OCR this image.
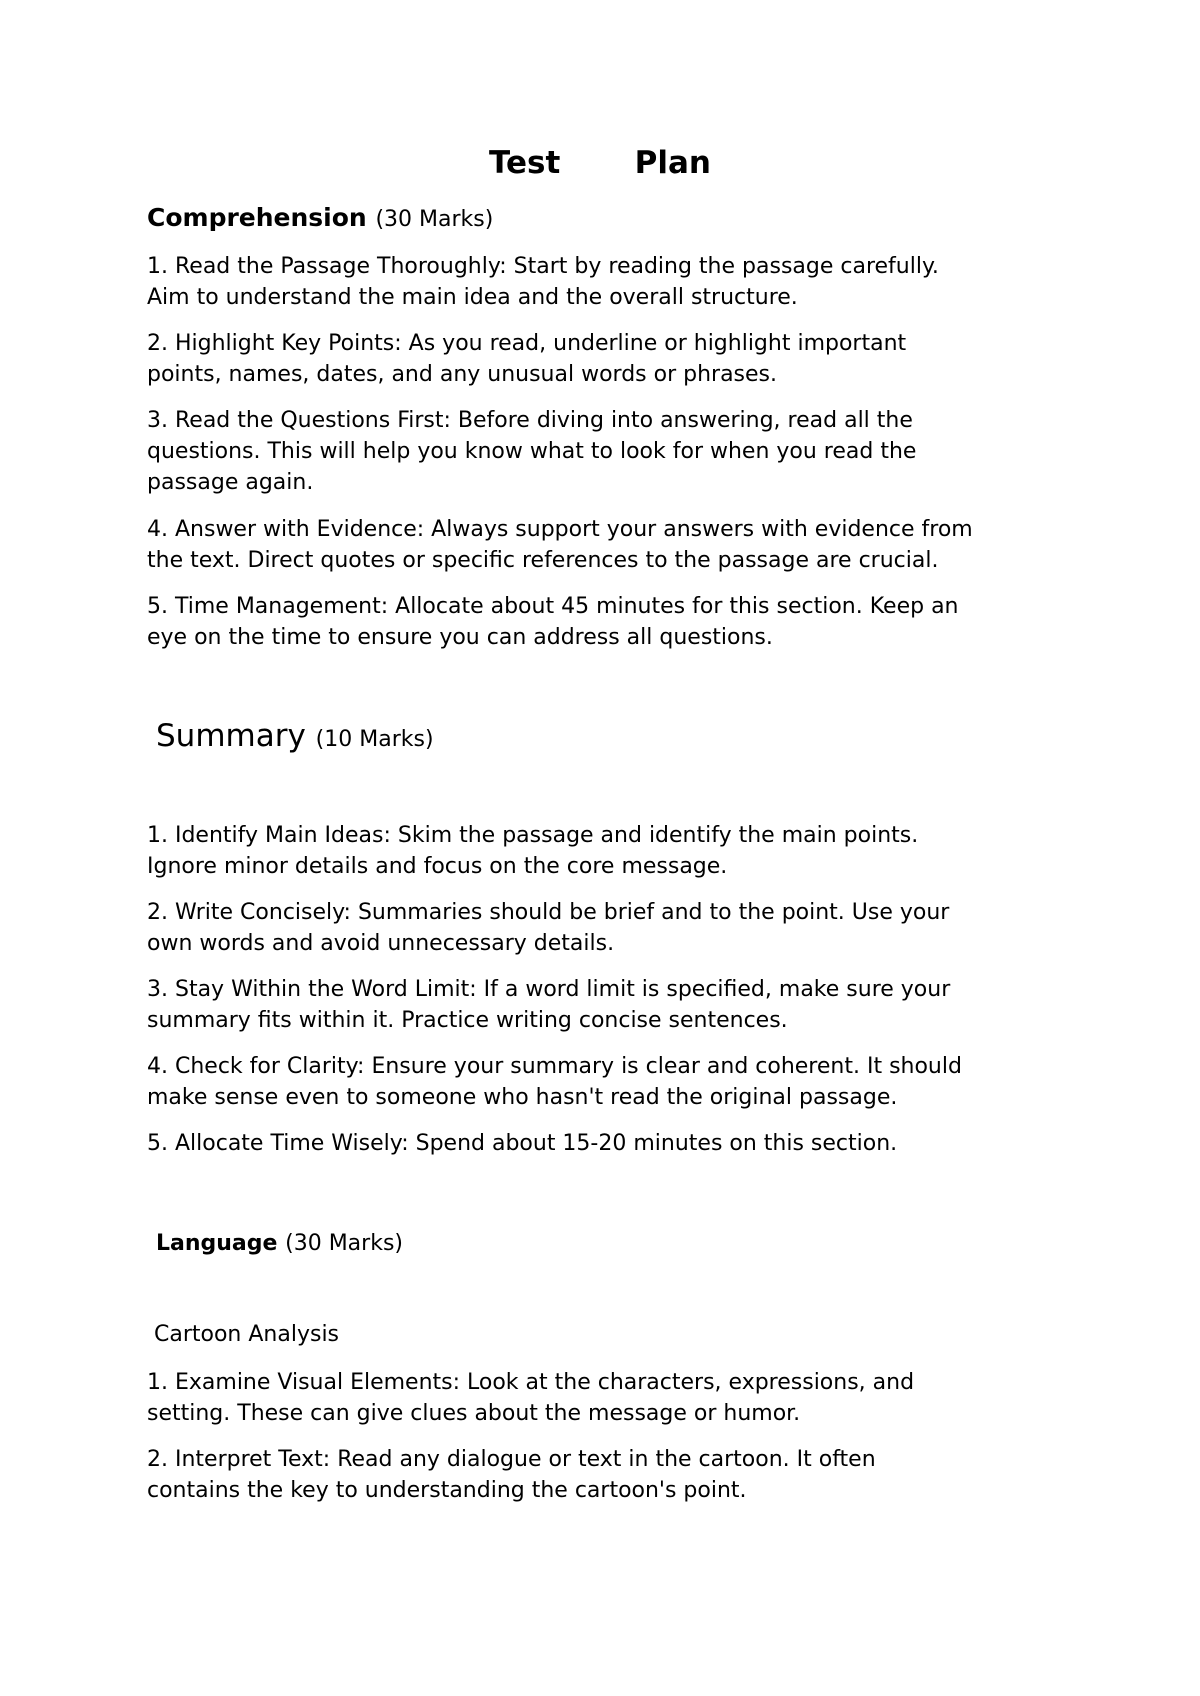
Test   Plan
Comprehension (30 Marks)
1. Read the Passage Thoroughly: Start by reading the passage carefully.
Aim to understand the main idea and the overall structure.
2. Highlight Key Points: As you read, underline or highlight important
points, names, dates, and any unusual words or phrases.
3. Read the Questions First: Before diving into answering, read all the
questions. This will help you know what to look for when you read the
passage again.
4. Answer with Evidence: Always support your answers with evidence from
the text. Direct quotes or specific references to the passage are crucial.
5. Time Management: Allocate about 45 minutes for this section. Keep an
eye on the time to ensure you can address all questions.
Summary (10 Marks)
1. Identify Main Ideas: Skim the passage and identify the main points.
Ignore minor details and focus on the core message.
2. Write Concisely: Summaries should be brief and to the point. Use your
own words and avoid unnecessary details.
3. Stay Within the Word Limit: If a word limit is specified, make sure your
summary fits within it. Practice writing concise sentences.
4. Check for Clarity: Ensure your summary is clear and coherent. It should
make sense even to someone who hasn't read the original passage.
5. Allocate Time Wisely: Spend about 15-20 minutes on this section.
Language (30 Marks)
Cartoon Analysis
1. Examine Visual Elements: Look at the characters, expressions, and
setting. These can give clues about the message or humor.
2. Interpret Text: Read any dialogue or text in the cartoon. It often
contains the key to understanding the cartoon's point.
